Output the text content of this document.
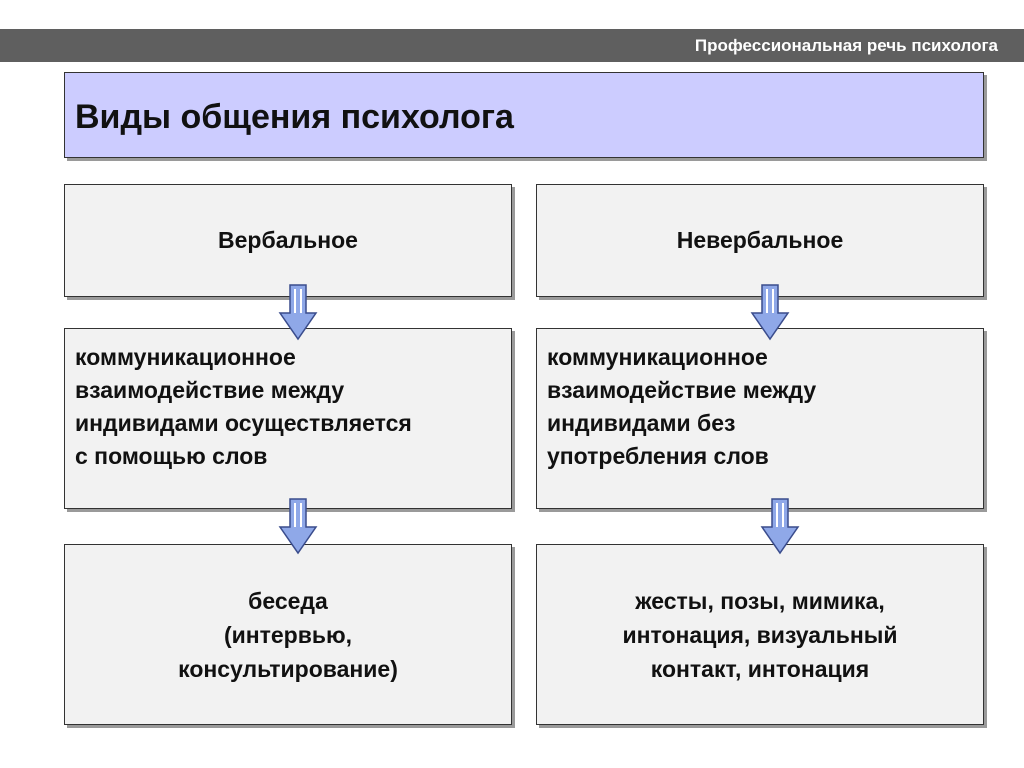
Профессиональная речь психолога
Виды общения психолога
Вербальное
коммуникационное
взаимодействие между
индивидами осуществляется
с помощью слов
беседа
(интервью,
консультирование)
Невербальное
коммуникационное
взаимодействие между
индивидами без
употребления слов
жесты, позы, мимика,
интонация, визуальный
контакт, интонация
